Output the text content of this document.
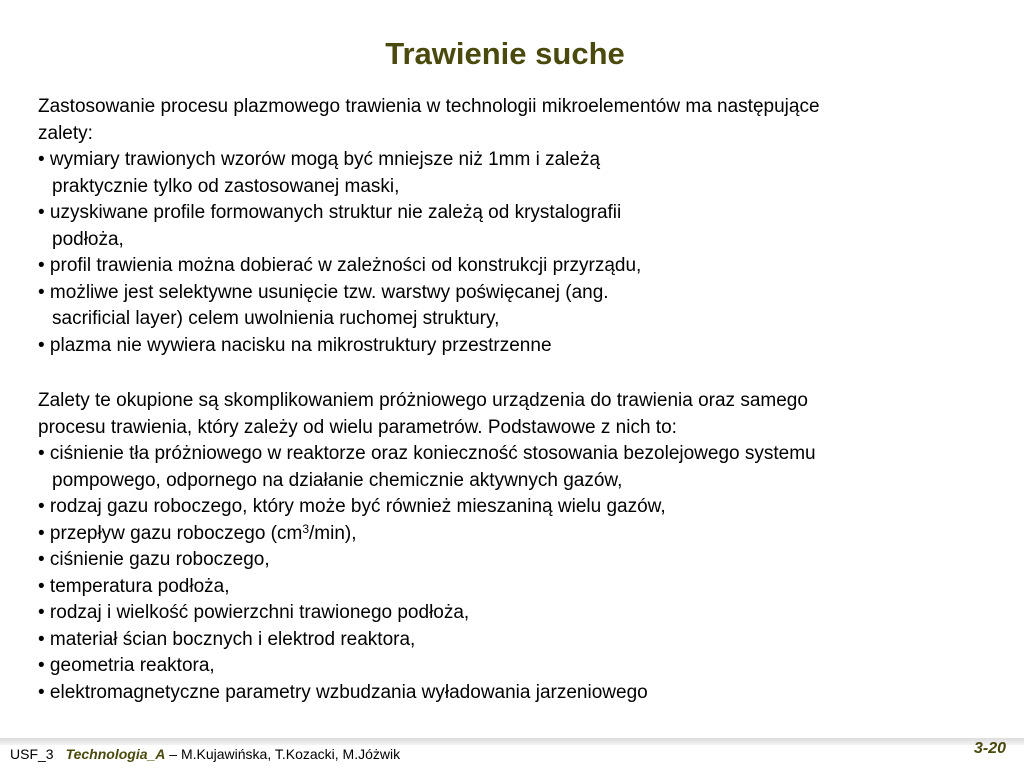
Trawienie suche

Zastosowanie procesu plazmowego trawienia w technologii mikroelementów ma następujące
zalety:

• wymiary trawionych wzorów mogą być mniejsze niż 1mm i zależą
praktycznie tylko od zastosowanej maski,
• uzyskiwane profile formowanych struktur nie zależą od krystalografii
podłoża,
• profil trawienia można dobierać w zależności od konstrukcji przyrządu,
• możliwe jest selektywne usunięcie tzw. warstwy poświęcanej (ang.
sacrificial layer) celem uwolnienia ruchomej struktury,
• plazma nie wywiera nacisku na mikrostruktury przestrzenne

Zalety te okupione są skomplikowaniem próżniowego urządzenia do trawienia oraz samego
procesu trawienia, który zależy od wielu parametrów. Podstawowe z nich to:

• ciśnienie tła próżniowego w reaktorze oraz konieczność stosowania bezolejowego systemu
pompowego, odpornego na działanie chemicznie aktywnych gazów,
• rodzaj gazu roboczego, który może być również mieszaniną wielu gazów,
• przepływ gazu roboczego $(cm^3/\min)$,
• ciśnienie gazu roboczego,
• temperatura podłoża,
• rodzaj i wielkość powierzchni trawionego podłoża,
• materiał ścian bocznych i elektrod reaktora,
• geometria reaktora,
• elektromagnetyczne parametry wzbudzania wyładowania jarzeniowego
USF_3 Technologia_A – M.Kujawińska, T.Kozacki, M.Jóżwik	3-20
